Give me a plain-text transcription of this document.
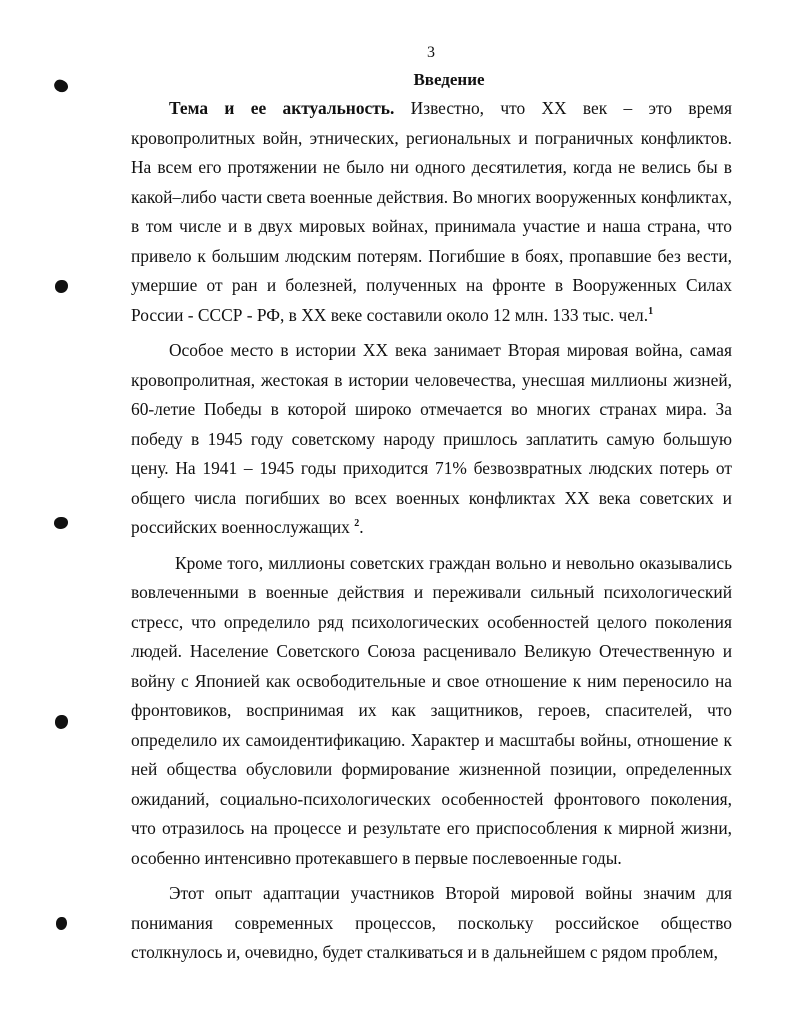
3
Введение

Тема и ее актуальность. Известно, что XX век – это время кровопролитных войн, этнических, региональных и пограничных конфликтов. На всем его протяжении не было ни одного десятилетия, когда не велись бы в какой–либо части света военные действия. Во многих вооруженных конфликтах, в том числе и в двух мировых войнах, принимала участие и наша страна, что привело к большим людским потерям. Погибшие в боях, пропавшие без вести, умершие от ран и болезней, полученных на фронте в Вооруженных Силах России - СССР - РФ, в XX веке составили около 12 млн. 133 тыс. чел.$^1$

Особое место в истории XX века занимает Вторая мировая война, самая кровопролитная, жестокая в истории человечества, унесшая миллионы жизней, 60-летие Победы в которой широко отмечается во многих странах мира. За победу в 1945 году советскому народу пришлось заплатить самую большую цену. На 1941 – 1945 годы приходится 71% безвозвратных людских потерь от общего числа погибших во всех военных конфликтах XX века советских и российских военнослужащих $^2$.

Кроме того, миллионы советских граждан вольно и невольно оказывались вовлеченными в военные действия и переживали сильный психологический стресс, что определило ряд психологических особенностей целого поколения людей. Население Советского Союза расценивало Великую Отечественную и войну с Японией как освободительные и свое отношение к ним переносило на фронтовиков, воспринимая их как защитников, героев, спасителей, что определило их самоидентификацию. Характер и масштабы войны, отношение к ней общества обусловили формирование жизненной позиции, определенных ожиданий, социально-психологических особенностей фронтового поколения, что отразилось на процессе и результате его приспособления к мирной жизни, особенно интенсивно протекавшего в первые послевоенные годы.

Этот опыт адаптации участников Второй мировой войны значим для понимания современных процессов, поскольку российское общество столкнулось и, очевидно, будет сталкиваться и в дальнейшем с рядом проблем,
